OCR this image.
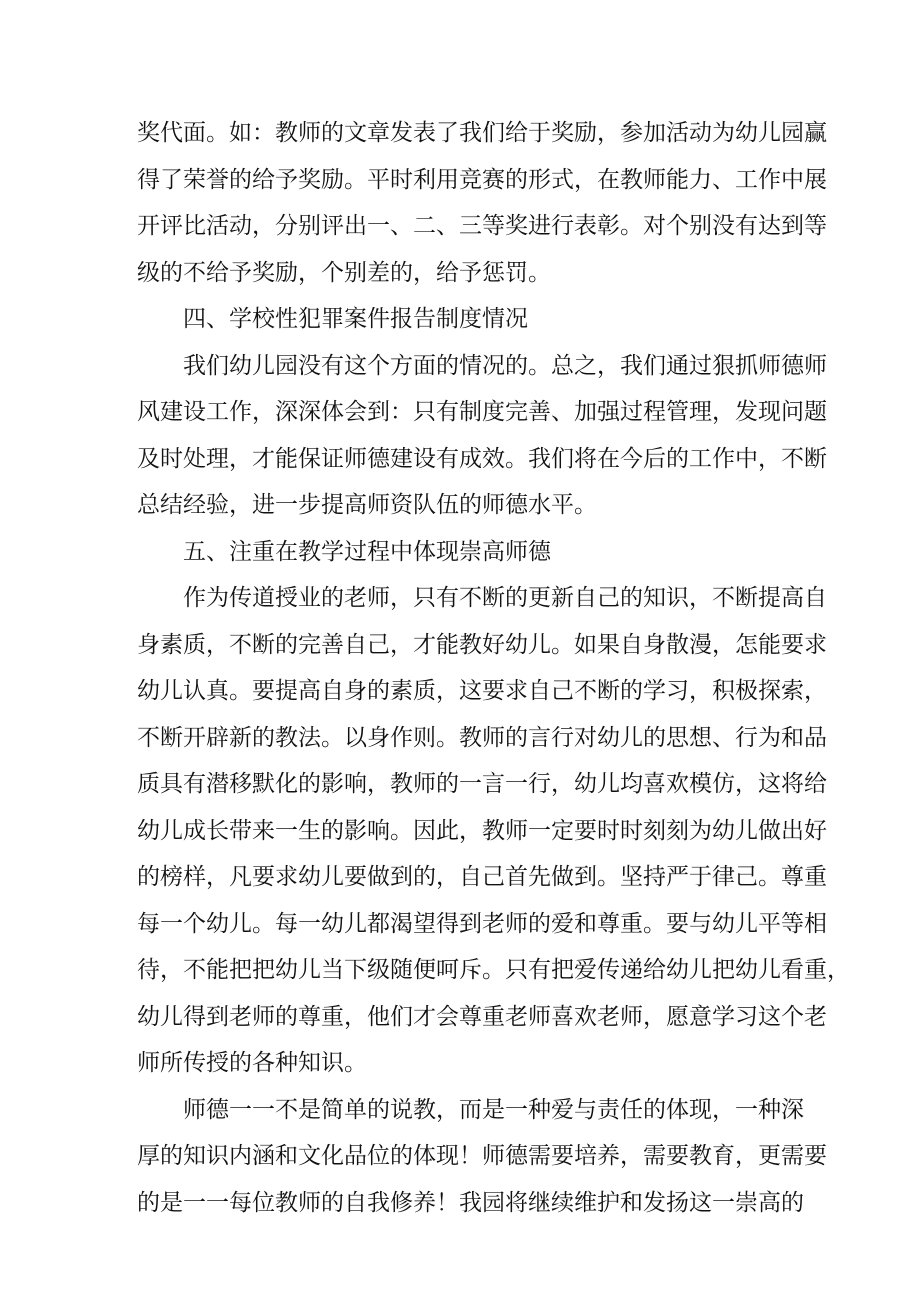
奖代面。如：教师的文章发表了我们给于奖励，参加活动为幼儿园赢
得了荣誉的给予奖励。平时利用竞赛的形式，在教师能力、工作中展
开评比活动，分别评出一、二、三等奖进行表彰。对个别没有达到等
级的不给予奖励，个别差的，给予惩罚。
四、学校性犯罪案件报告制度情况
我们幼儿园没有这个方面的情况的。总之，我们通过狠抓师德师
风建设工作，深深体会到：只有制度完善、加强过程管理，发现问题
及时处理，才能保证师德建设有成效。我们将在今后的工作中，不断
总结经验，进一步提高师资队伍的师德水平。
五、注重在教学过程中体现崇高师德
作为传道授业的老师，只有不断的更新自己的知识，不断提高自
身素质，不断的完善自己，才能教好幼儿。如果自身散漫，怎能要求
幼儿认真。要提高自身的素质，这要求自己不断的学习，积极探索，
不断开辟新的教法。以身作则。教师的言行对幼儿的思想、行为和品
质具有潜移默化的影响，教师的一言一行，幼儿均喜欢模仿，这将给
幼儿成长带来一生的影响。因此，教师一定要时时刻刻为幼儿做出好
的榜样，凡要求幼儿要做到的，自己首先做到。坚持严于律己。尊重
每一个幼儿。每一幼儿都渴望得到老师的爱和尊重。要与幼儿平等相
待，不能把把幼儿当下级随便呵斥。只有把爱传递给幼儿把幼儿看重，
幼儿得到老师的尊重，他们才会尊重老师喜欢老师，愿意学习这个老
师所传授的各种知识。
师德一一不是简单的说教，而是一种爱与责任的体现，一种深
厚的知识内涵和文化品位的体现！师德需要培养，需要教育，更需要
的是一一每位教师的自我修养！我园将继续维护和发扬这一崇高的
